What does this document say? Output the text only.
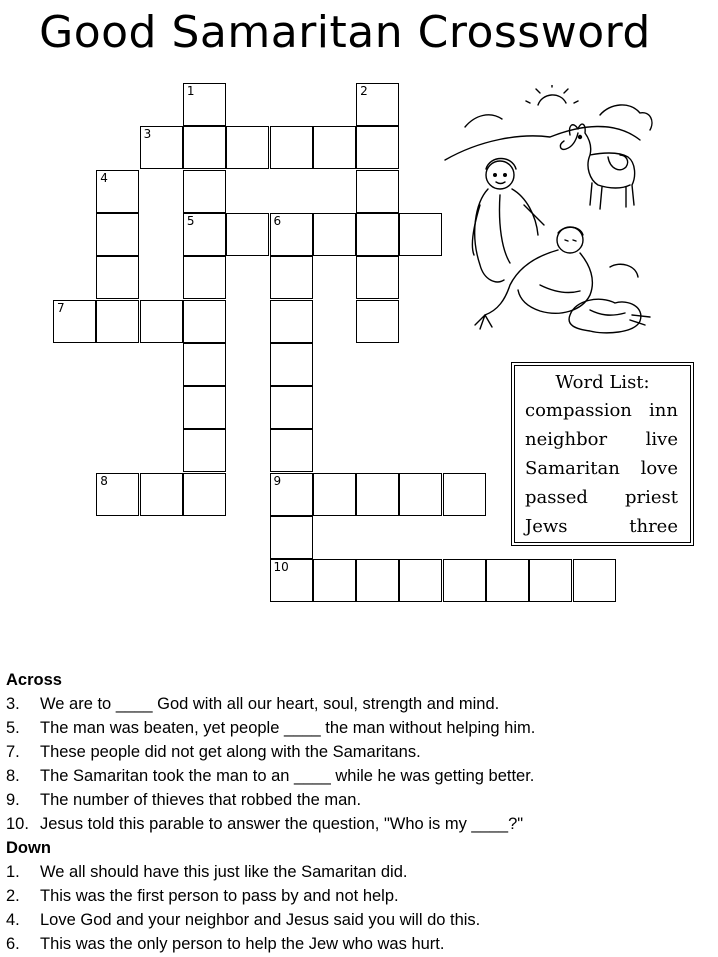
Good Samaritan Crossword
1	2
3
4
5	6
7
8	9
10
Word List:
compassion inn
neighbor live
Samaritan love
passed priest
Jews	three
Across
3.	We are to ____ God with all our heart, soul, strength and mind.
5.	The man was beaten, yet people ____ the man without helping him.
7.	These people did not get along with the Samaritans.
8.	The Samaritan took the man to an ____ while he was getting better.
9.	The number of thieves that robbed the man.
10. Jesus told this parable to answer the question, "Who is my ____?"
Down
1.	We all should have this just like the Samaritan did.
2.	This was the first person to pass by and not help.
4.	Love God and your neighbor and Jesus said you will do this.
6.	This was the only person to help the Jew who was hurt.
